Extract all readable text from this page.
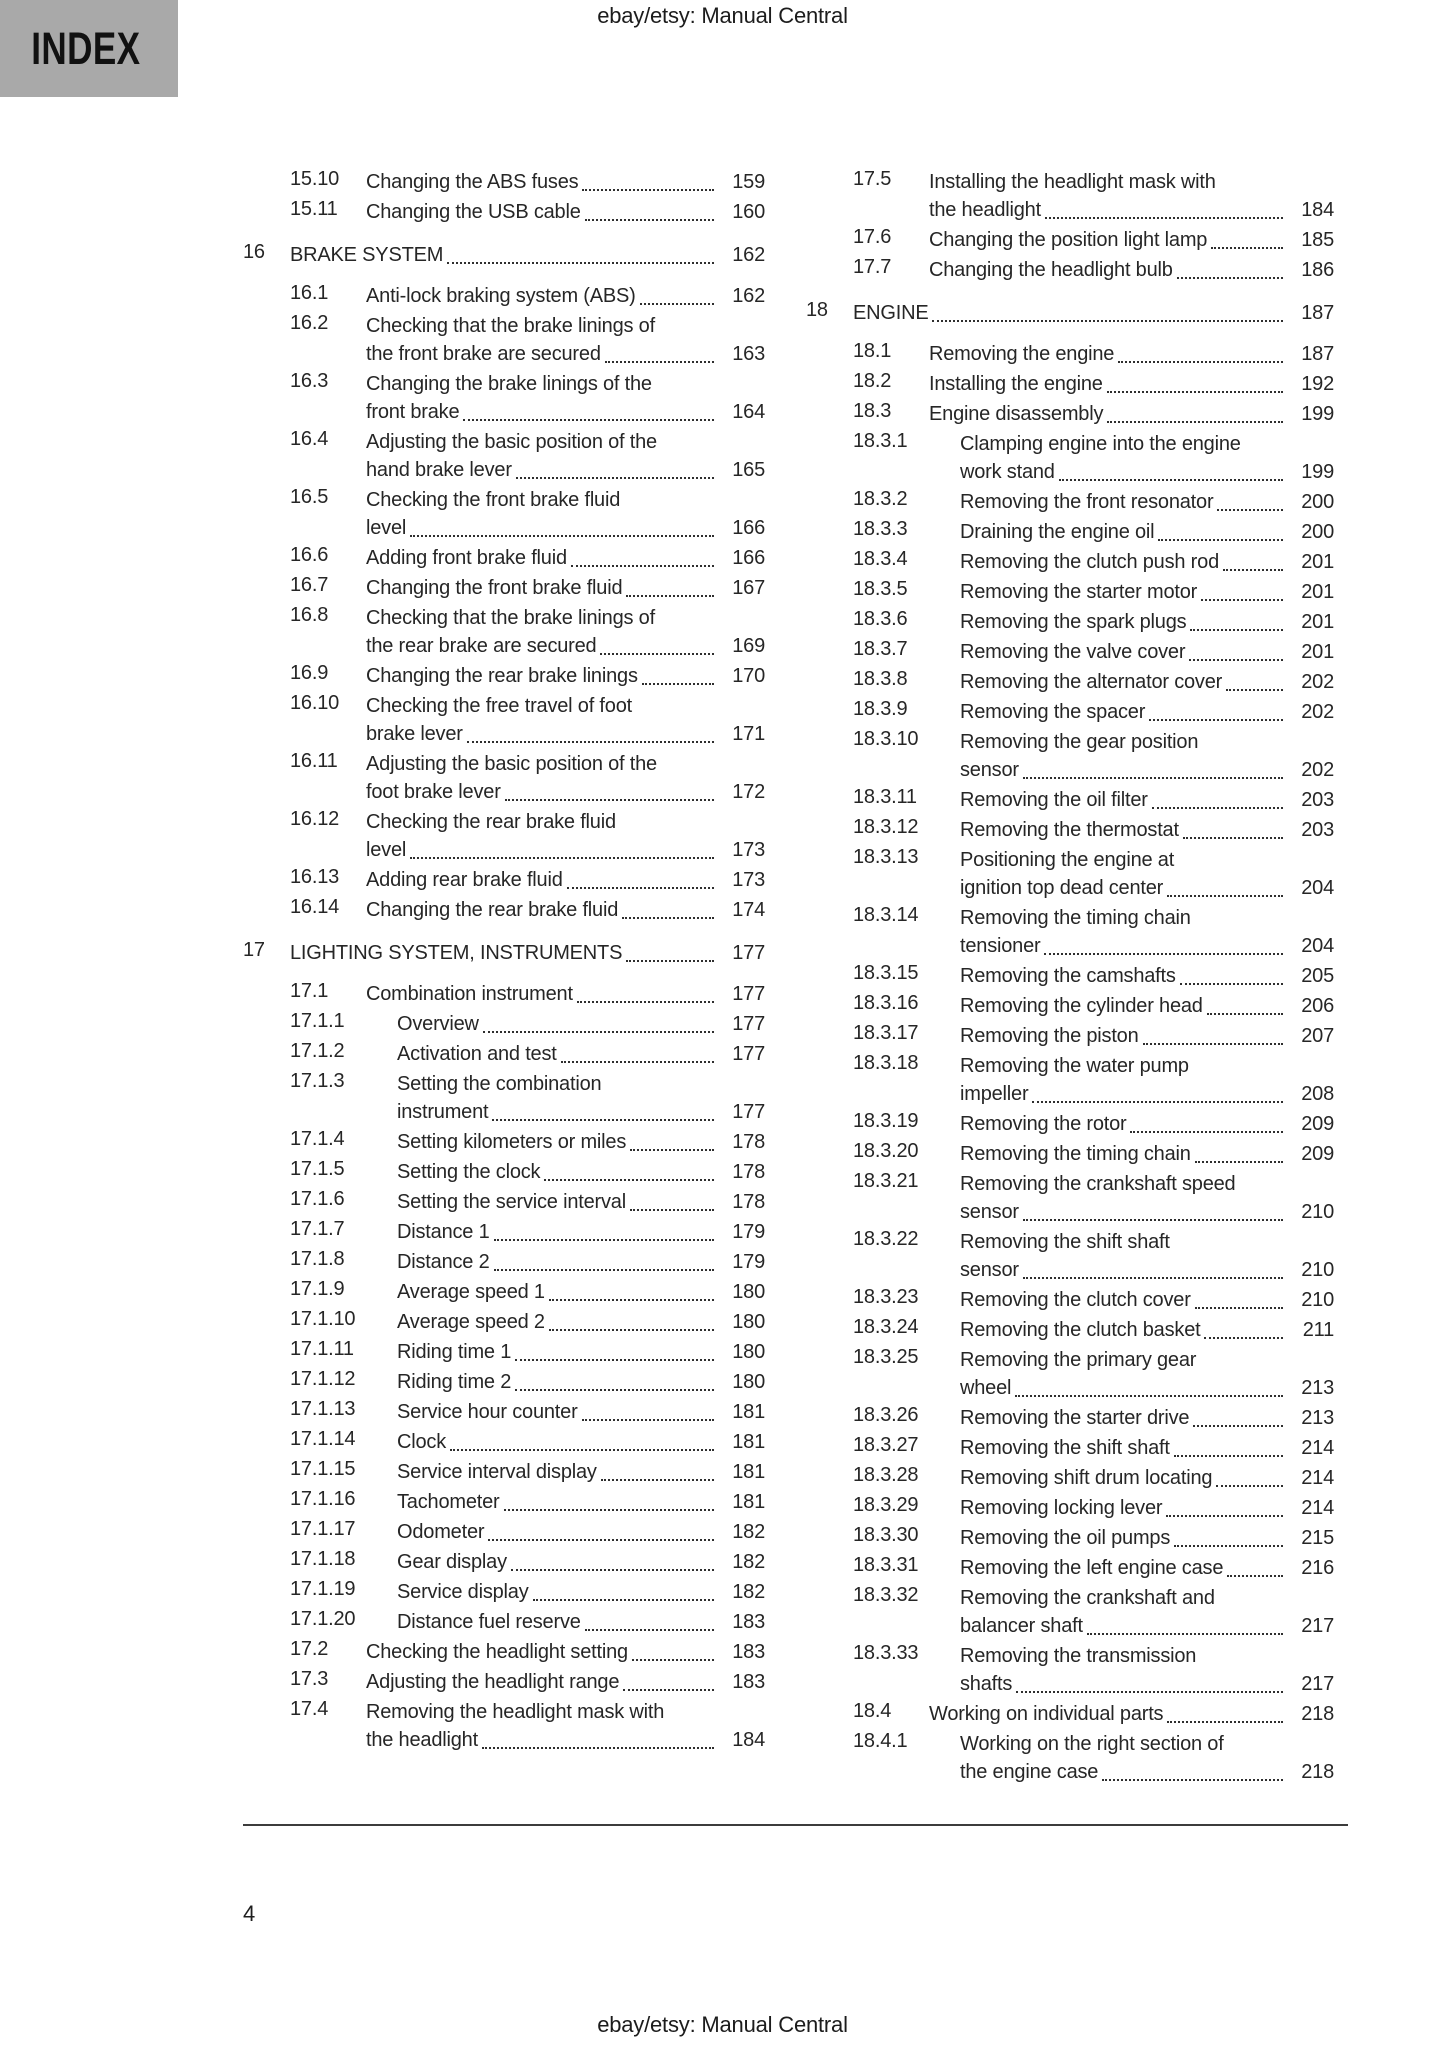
ebay/etsy: Manual Central
INDEX
15.10	Changing the ABS fuses	159
15.11	Changing the USB cable	160
16	BRAKE SYSTEM	162
16.1	Anti-lock braking system (ABS)	162
16.2	Checking that the brake linings of
the front brake are secured	163
16.3	Changing the brake linings of the
front brake	164
16.4	Adjusting the basic position of the
hand brake lever	165
16.5	Checking the front brake fluid
level	166
16.6	Adding front brake fluid	166
16.7	Changing the front brake fluid	167
16.8	Checking that the brake linings of
the rear brake are secured	169
16.9	Changing the rear brake linings	170
16.10	Checking the free travel of foot
brake lever	171
16.11	Adjusting the basic position of the
foot brake lever	172
16.12	Checking the rear brake fluid
level	173
16.13	Adding rear brake fluid	173
16.14	Changing the rear brake fluid	174
17	LIGHTING SYSTEM, INSTRUMENTS	177
17.1	Combination instrument	177
17.1.1	Overview	177
17.1.2	Activation and test	177
17.1.3	Setting the combination
instrument	177
17.1.4	Setting kilometers or miles	178
17.1.5	Setting the clock	178
17.1.6	Setting the service interval	178
17.1.7	Distance 1	179
17.1.8	Distance 2	179
17.1.9	Average speed 1	180
17.1.10	Average speed 2	180
17.1.11	Riding time 1	180
17.1.12	Riding time 2	180
17.1.13	Service hour counter	181
17.1.14	Clock	181
17.1.15	Service interval display	181
17.1.16	Tachometer	181
17.1.17	Odometer	182
17.1.18	Gear display	182
17.1.19	Service display	182
17.1.20	Distance fuel reserve	183
17.2	Checking the headlight setting	183
17.3	Adjusting the headlight range	183
17.4	Removing the headlight mask with
the headlight	184
17.5	Installing the headlight mask with
the headlight	184
17.6	Changing the position light lamp	185
17.7	Changing the headlight bulb	186
18	ENGINE	187
18.1	Removing the engine	187
18.2	Installing the engine	192
18.3	Engine disassembly	199
18.3.1	Clamping engine into the engine
work stand	199
18.3.2	Removing the front resonator	200
18.3.3	Draining the engine oil	200
18.3.4	Removing the clutch push rod	201
18.3.5	Removing the starter motor	201
18.3.6	Removing the spark plugs	201
18.3.7	Removing the valve cover	201
18.3.8	Removing the alternator cover	202
18.3.9	Removing the spacer	202
18.3.10	Removing the gear position
sensor	202
18.3.11	Removing the oil filter	203
18.3.12	Removing the thermostat	203
18.3.13	Positioning the engine at
ignition top dead center	204
18.3.14	Removing the timing chain
tensioner	204
18.3.15	Removing the camshafts	205
18.3.16	Removing the cylinder head	206
18.3.17	Removing the piston	207
18.3.18	Removing the water pump
impeller	208
18.3.19	Removing the rotor	209
18.3.20	Removing the timing chain	209
18.3.21	Removing the crankshaft speed
sensor	210
18.3.22	Removing the shift shaft
sensor	210
18.3.23	Removing the clutch cover	210
18.3.24	Removing the clutch basket	211
18.3.25	Removing the primary gear
wheel	213
18.3.26	Removing the starter drive	213
18.3.27	Removing the shift shaft	214
18.3.28	Removing shift drum locating	214
18.3.29	Removing locking lever	214
18.3.30	Removing the oil pumps	215
18.3.31	Removing the left engine case	216
18.3.32	Removing the crankshaft and
balancer shaft	217
18.3.33	Removing the transmission
shafts	217
18.4	Working on individual parts	218
18.4.1	Working on the right section of
the engine case	218
4
ebay/etsy: Manual Central
